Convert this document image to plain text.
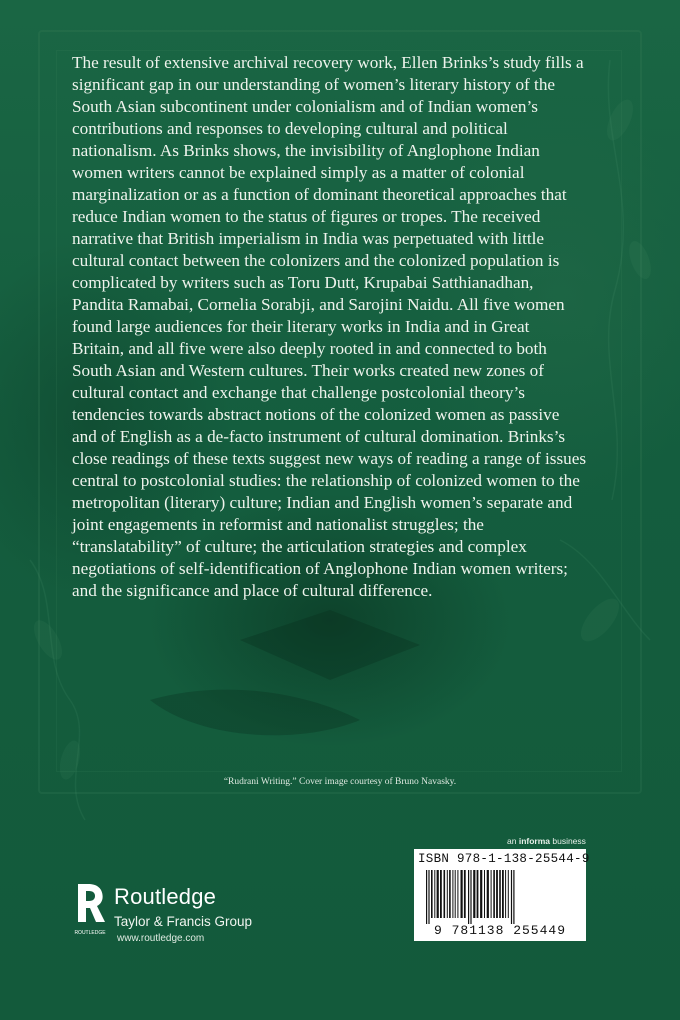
The result of extensive archival recovery work, Ellen Brinks’s study fills a
significant gap in our understanding of women’s literary history of the
South Asian subcontinent under colonialism and of Indian women’s
contributions and responses to developing cultural and political
nationalism. As Brinks shows, the invisibility of Anglophone Indian
women writers cannot be explained simply as a matter of colonial
marginalization or as a function of dominant theoretical approaches that
reduce Indian women to the status of figures or tropes. The received
narrative that British imperialism in India was perpetuated with little
cultural contact between the colonizers and the colonized population is
complicated by writers such as Toru Dutt, Krupabai Satthianadhan,
Pandita Ramabai, Cornelia Sorabji, and Sarojini Naidu. All five women
found large audiences for their literary works in India and in Great
Britain, and all five were also deeply rooted in and connected to both
South Asian and Western cultures. Their works created new zones of
cultural contact and exchange that challenge postcolonial theory’s
tendencies towards abstract notions of the colonized women as passive
and of English as a de-facto instrument of cultural domination. Brinks’s
close readings of these texts suggest new ways of reading a range of issues
central to postcolonial studies: the relationship of colonized women to the
metropolitan (literary) culture; Indian and English women’s separate and
joint engagements in reformist and nationalist struggles; the
“translatability” of culture; the articulation strategies and complex
negotiations of self-identification of Anglophone Indian women writers;
and the significance and place of cultural difference.

“Rudrani Writing.” Cover image courtesy of Bruno Navasky.

an informa business
ISBN 978-1-138-25544-9
9 781138 255449
ROUTLEDGE
Routledge
Taylor & Francis Group
www.routledge.com
